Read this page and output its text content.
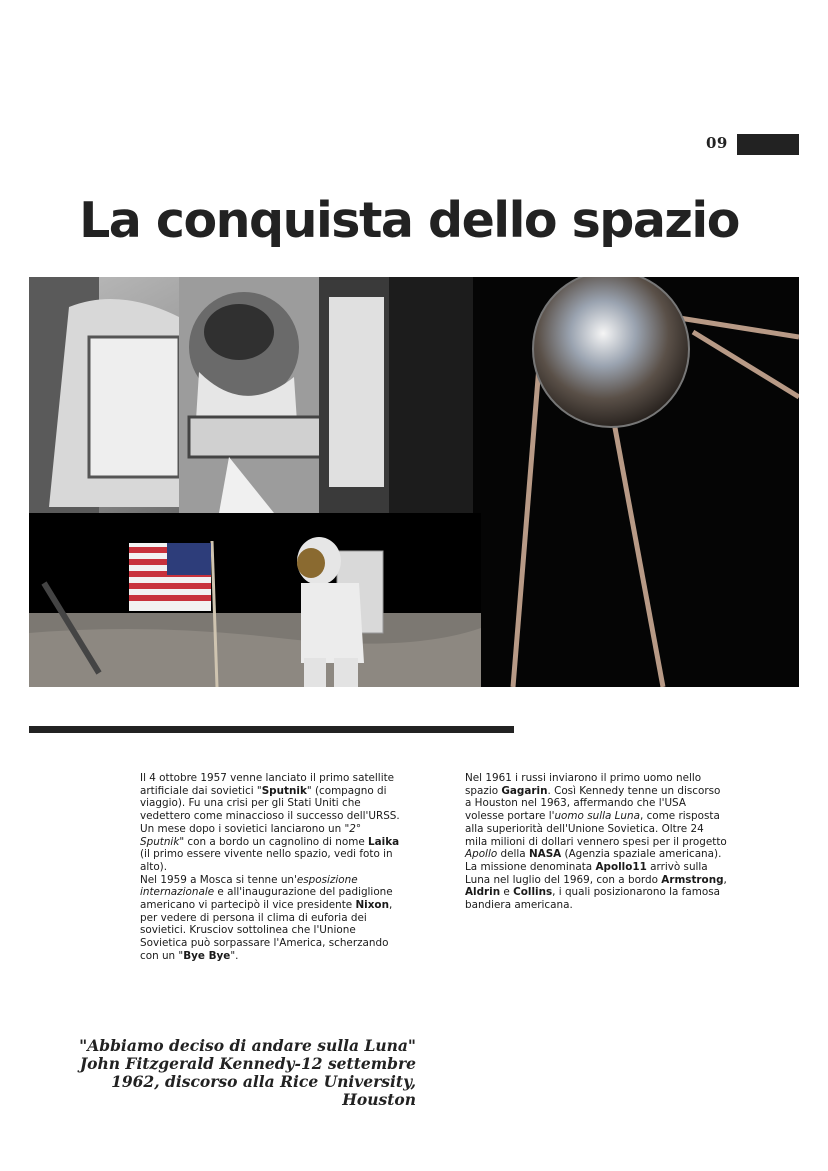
09
La conquista dello spazio

Il 4 ottobre 1957 venne lanciato il primo satellite artificiale dai sovietici "Sputnik" (compagno di viaggio). Fu una crisi per gli Stati Uniti che vedettero come minaccioso il successo dell'URSS. Un mese dopo i sovietici lanciarono un "2° Sputnik" con a bordo un cagnolino di nome Laika (il primo essere vivente nello spazio, vedi foto in alto).

Nel 1959 a Mosca si tenne un'esposizione internazionale e all'inaugurazione del padiglione americano vi partecipò il vice presidente Nixon, per vedere di persona il clima di euforia dei sovietici. Krusciov sottolinea che l'Unione Sovietica può sorpassare l'America, scherzando con un "Bye Bye".

Nel 1961 i russi inviarono il primo uomo nello spazio Gagarin. Così Kennedy tenne un discorso a Houston nel 1963, affermando che l'USA volesse portare l'uomo sulla Luna, come risposta alla superiorità dell'Unione Sovietica. Oltre 24 mila milioni di dollari vennero spesi per il progetto Apollo della NASA (Agenzia spaziale americana). La missione denominata Apollo11 arrivò sulla Luna nel luglio del 1969, con a bordo Armstrong, Aldrin e Collins, i quali posizionarono la famosa bandiera americana.

"Abbiamo deciso di andare sulla Luna"
John Fitzgerald Kennedy-12 settembre
1962, discorso alla Rice University,
Houston
